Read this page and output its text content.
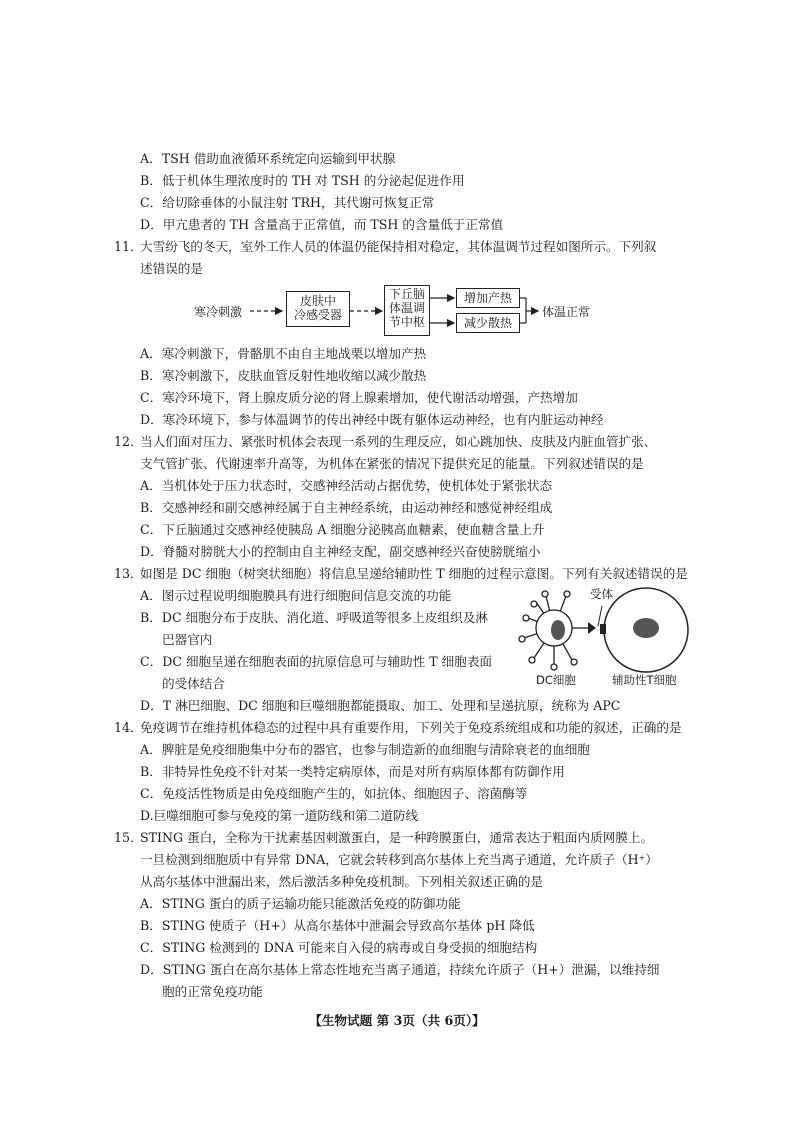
A．TSH 借助血液循环系统定向运输到甲状腺
B．低于机体生理浓度时的 TH 对 TSH 的分泌起促进作用
C．给切除垂体的小鼠注射 TRH，其代谢可恢复正常
D．甲亢患者的 TH 含量高于正常值，而 TSH 的含量低于正常值
11．
大雪纷飞的冬天，室外工作人员的体温仍能保持相对稳定，其体温调节过程如图所示。下列叙
述错误的是
寒冷刺激
皮肤中
冷感受器
下丘脑
体温调
节中枢
增加产热
减少散热
体温正常
A．寒冷刺激下，骨骼肌不由自主地战栗以增加产热
B．寒冷刺激下，皮肤血管反射性地收缩以减少散热
C．寒冷环境下，肾上腺皮质分泌的肾上腺素增加，使代谢活动增强，产热增加
D．寒冷环境下，参与体温调节的传出神经中既有躯体运动神经，也有内脏运动神经
12．
当人们面对压力、紧张时机体会表现一系列的生理反应，如心跳加快、皮肤及内脏血管扩张、
支气管扩张、代谢速率升高等，为机体在紧张的情况下提供充足的能量。下列叙述错误的是
A．当机体处于压力状态时，交感神经活动占据优势，使机体处于紧张状态
B．交感神经和副交感神经属于自主神经系统，由运动神经和感觉神经组成
C．下丘脑通过交感神经使胰岛 A 细胞分泌胰高血糖素，使血糖含量上升
D．脊髓对膀胱大小的控制由自主神经支配，副交感神经兴奋使膀胱缩小
13．
如图是 DC 细胞（树突状细胞）将信息呈递给辅助性 T 细胞的过程示意图。下列有关叙述错误的是
A．图示过程说明细胞膜具有进行细胞间信息交流的功能
B．DC 细胞分布于皮肤、消化道、呼吸道等很多上皮组织及淋
巴器官内
C．DC 细胞呈递在细胞表面的抗原信息可与辅助性 T 细胞表面
的受体结合
D．T 淋巴细胞、DC 细胞和巨噬细胞都能摄取、加工、处理和呈递抗原，统称为 APC
受体
DC细胞	辅助性T细胞
14．
免疫调节在维持机体稳态的过程中具有重要作用，下列关于免疫系统组成和功能的叙述，正确的是
A．脾脏是免疫细胞集中分布的器官，也参与制造新的血细胞与清除衰老的血细胞
B．非特异性免疫不针对某一类特定病原体，而是对所有病原体都有防御作用
C．免疫活性物质是由免疫细胞产生的，如抗体、细胞因子、溶菌酶等
D.巨噬细胞可参与免疫的第一道防线和第二道防线
15．
STING 蛋白，全称为干扰素基因刺激蛋白，是一种跨膜蛋白，通常表达于粗面内质网膜上。
一旦检测到细胞质中有异常 DNA，它就会转移到高尔基体上充当离子通道，允许质子（H⁺）
从高尔基体中泄漏出来，然后激活多种免疫机制。下列相关叙述正确的是
A．STING 蛋白的质子运输功能只能激活免疫的防御功能
B．STING 使质子（H+）从高尔基体中泄漏会导致高尔基体 pH 降低
C．STING 检测到的 DNA 可能来自入侵的病毒或自身受损的细胞结构
D．STING 蛋白在高尔基体上常态性地充当离子通道，持续允许质子（H+）泄漏，以维持细
胞的正常免疫功能
【生物试题 第 3页（共 6页）】
